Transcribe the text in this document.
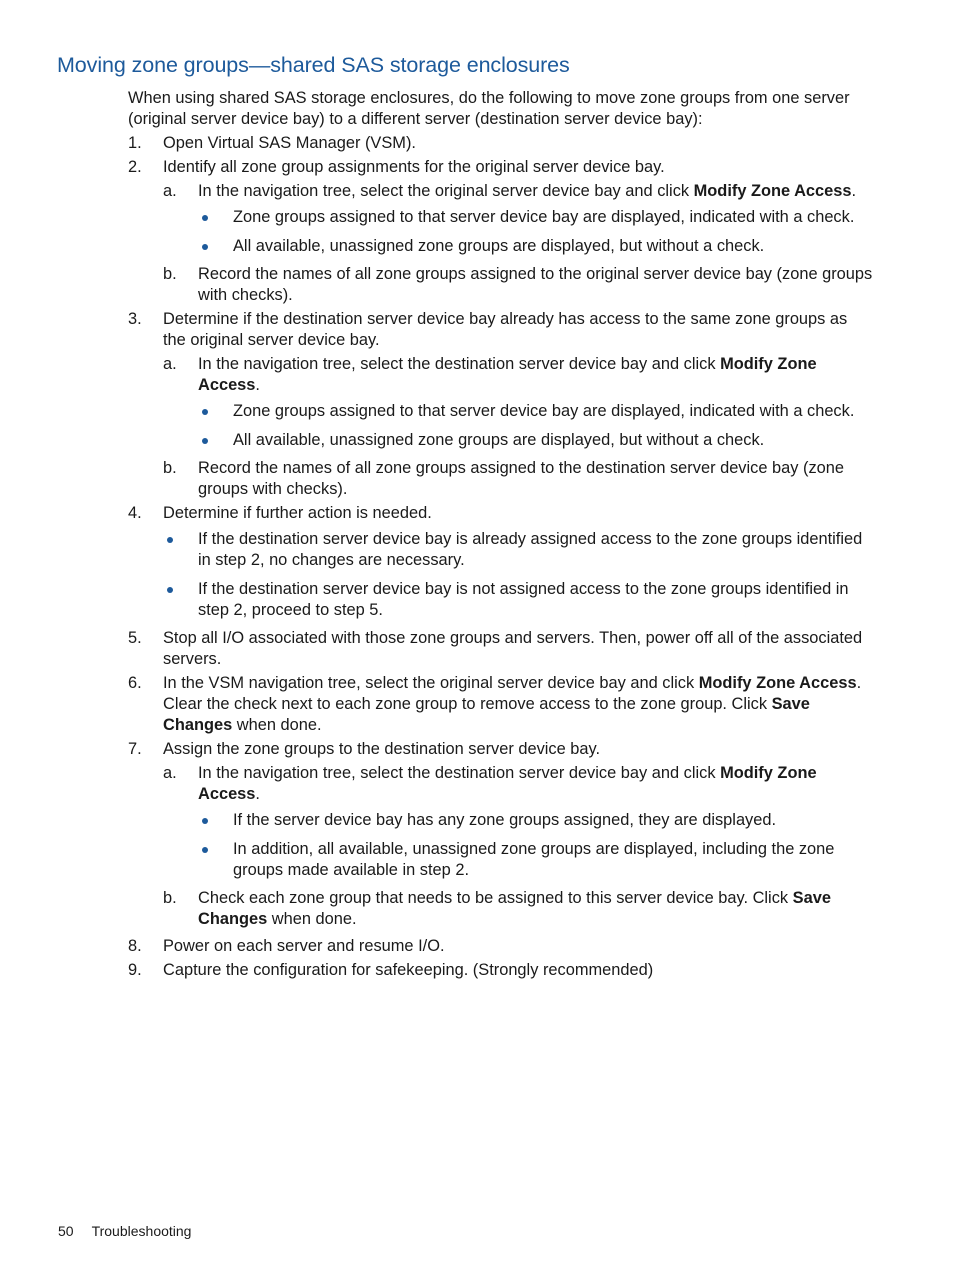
Moving zone groups—shared SAS storage enclosures

When using shared SAS storage enclosures, do the following to move zone groups from one server (original server device bay) to a different server (destination server device bay):

1. Open Virtual SAS Manager (VSM).
2. Identify all zone group assignments for the original server device bay.
a. In the navigation tree, select the original server device bay and click Modify Zone Access.
Zone groups assigned to that server device bay are displayed, indicated with a check.
All available, unassigned zone groups are displayed, but without a check.
b. Record the names of all zone groups assigned to the original server device bay (zone groups with checks).
3. Determine if the destination server device bay already has access to the same zone groups as the original server device bay.
a. In the navigation tree, select the destination server device bay and click Modify Zone Access.
Zone groups assigned to that server device bay are displayed, indicated with a check.
All available, unassigned zone groups are displayed, but without a check.
b. Record the names of all zone groups assigned to the destination server device bay (zone groups with checks).
4. Determine if further action is needed.
If the destination server device bay is already assigned access to the zone groups identified in step 2, no changes are necessary.
If the destination server device bay is not assigned access to the zone groups identified in step 2, proceed to step 5.
5. Stop all I/O associated with those zone groups and servers. Then, power off all of the associated servers.
6. In the VSM navigation tree, select the original server device bay and click Modify Zone Access. Clear the check next to each zone group to remove access to the zone group. Click Save Changes when done.
7. Assign the zone groups to the destination server device bay.
a. In the navigation tree, select the destination server device bay and click Modify Zone Access.
If the server device bay has any zone groups assigned, they are displayed.
In addition, all available, unassigned zone groups are displayed, including the zone groups made available in step 2.
b. Check each zone group that needs to be assigned to this server device bay. Click Save Changes when done.
8. Power on each server and resume I/O.
9. Capture the configuration for safekeeping. (Strongly recommended)
50 Troubleshooting
